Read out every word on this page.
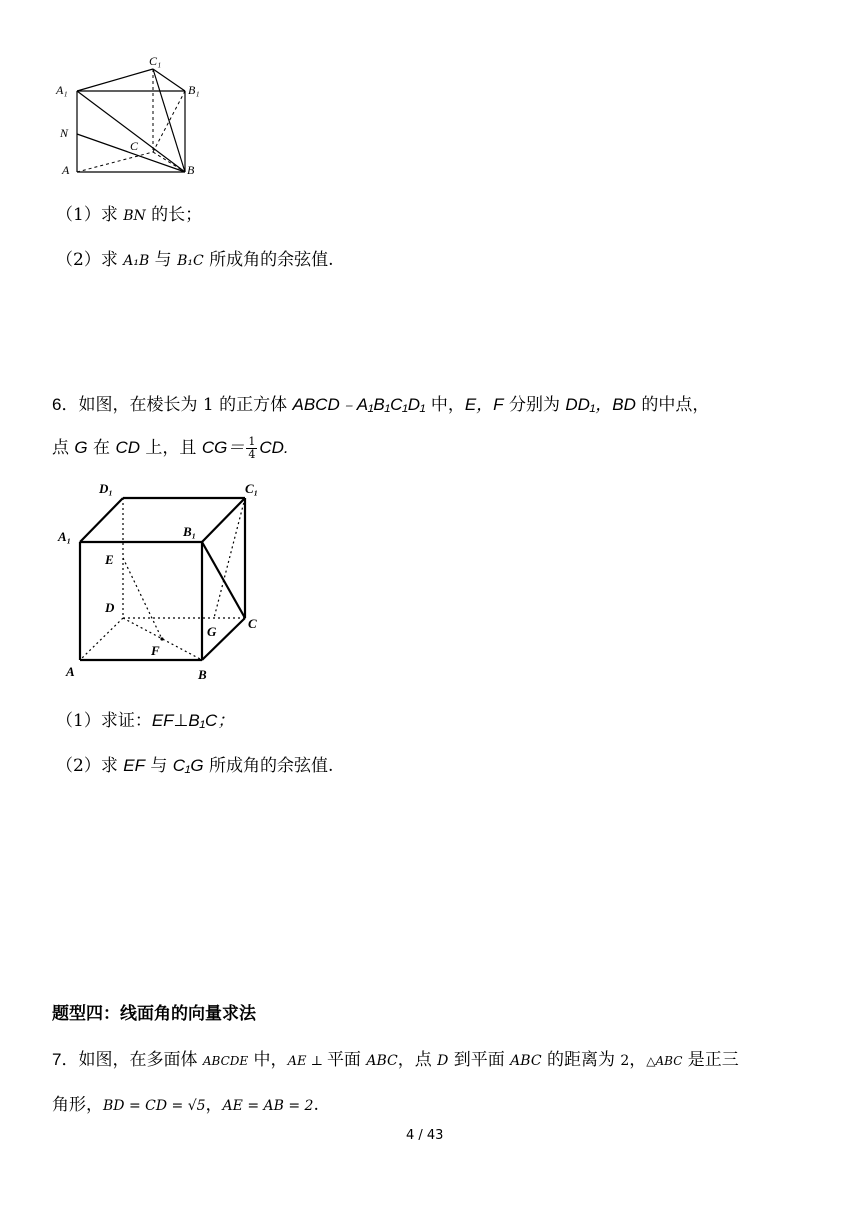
C₁
A₁	B₁
N
C
A	B
（1）求 BN 的长；
（2）求 A₁B 与 B₁C 所成角的余弦值.
6．如图，在棱长为 1 的正方体 ABCD﹣A₁B₁C₁D₁ 中，E，F 分别为 DD₁，BD 的中点，
点 G 在 CD 上，且 $CG= \frac{1}{4}$ CD.
D₁	C₁
A₁	B₁
E
D
G
C
F
A	B
（1）求证：EF⊥B₁C；
（2）求 EF 与 C₁G 所成角的余弦值.
题型四：线面角的向量求法
7．如图，在多面体 ABCDE 中，AE ⊥ 平面 ABC，点 D 到平面 ABC 的距离为 2，△ABC 是正三
角形，BD = CD = √5，AE = AB = 2.
4 / 43
